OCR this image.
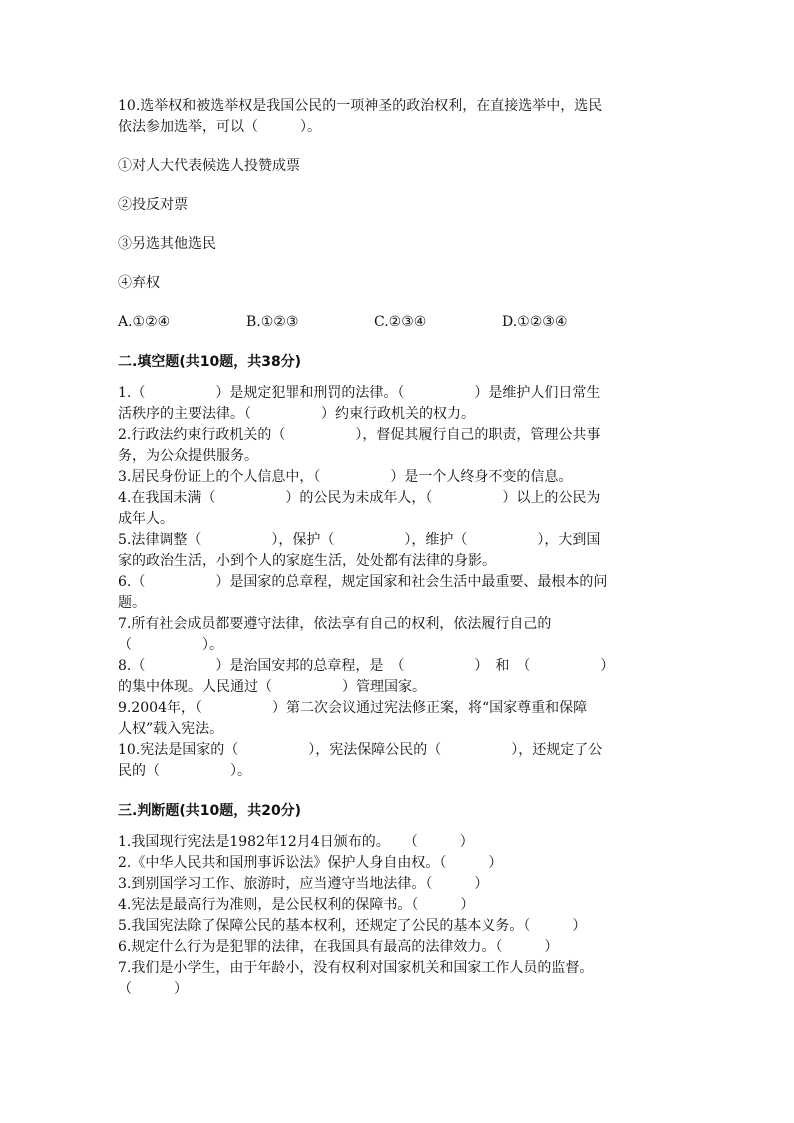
10.选举权和被选举权是我国公民的一项神圣的政治权利，在直接选举中，选民

依法参加选举，可以（　　　）。

①对人大代表候选人投赞成票

②投反对票

③另选其他选民

④弃权

A.①②④	B.①②③	C.②③④	D.①②③④

二.填空题(共10题，共38分)

1.（　　　　　）是规定犯罪和刑罚的法律。（　　　　　）是维护人们日常生

活秩序的主要法律。（　　　　　）约束行政机关的权力。

2.行政法约束行政机关的（　　　　　），督促其履行自己的职责，管理公共事

务，为公众提供服务。

3.居民身份证上的个人信息中，（　　　　　）是一个人终身不变的信息。

4.在我国未满（　　　　　）的公民为未成年人，（　　　　　）以上的公民为

成年人。

5.法律调整（　　　　　），保护（　　　　　），维护（　　　　　），大到国

家的政治生活，小到个人的家庭生活，处处都有法律的身影。

6.（　　　　　）是国家的总章程，规定国家和社会生活中最重要、最根本的问

题。

7.所有社会成员都要遵守法律，依法享有自己的权利，依法履行自己的

（　　　　　）。

8.（　　　　　）是治国安邦的总章程，是　（　　　　　）　和　（　　　　　）

的集中体现。人民通过（　　　　　）管理国家。

9.2004年，（　　　　　）第二次会议通过宪法修正案，将“国家尊重和保障

人权”载入宪法。

10.宪法是国家的（　　　　　），宪法保障公民的（　　　　　），还规定了公

民的（　　　　　）。

三.判断题(共10题，共20分)

1.我国现行宪法是1982年12月4日颁布的。　　（　　　）

2.《中华人民共和国刑事诉讼法》保护人身自由权。（　　　）

3.到别国学习工作、旅游时，应当遵守当地法律。（　　　）

4.宪法是最高行为准则，是公民权利的保障书。（　　　）

5.我国宪法除了保障公民的基本权利，还规定了公民的基本义务。（　　　）

6.规定什么行为是犯罪的法律，在我国具有最高的法律效力。（　　　）

7.我们是小学生，由于年龄小，没有权利对国家机关和国家工作人员的监督。

（　　　）
